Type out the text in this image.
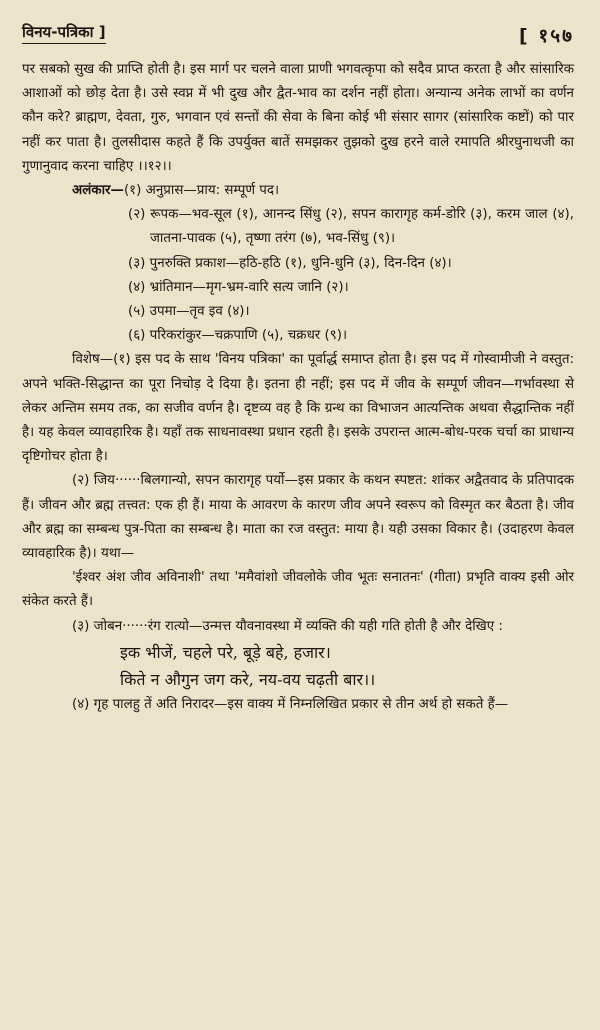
विनय-पत्रिका ]	[ १५७

पर सबको सुख की प्राप्ति होती है। इस मार्ग पर चलने वाला प्राणी भगवत्कृपा को सदैव प्राप्त करता है और सांसारिक आशाओं को छोड़ देता है। उसे स्वप्न में भी दुख और द्वैत-भाव का दर्शन नहीं होता। अन्यान्य अनेक लाभों का वर्णन कौन करे? ब्राह्मण, देवता, गुरु, भगवान एवं सन्तों की सेवा के बिना कोई भी संसार सागर (सांसारिक कष्टों) को पार नहीं कर पाता है। तुलसीदास कहते हैं कि उपर्युक्त बातें समझकर तुझको दुख हरने वाले रमापति श्रीरघुनाथजी का गुणानुवाद करना चाहिए ।।१२।।

अलंकार—(१) अनुप्रास—प्राय: सम्पूर्ण पद।

(२) रूपक—भव-सूल (१), आनन्द सिंधु (२), सपन कारागृह कर्म-डोरि (३), करम जाल (४), जातना-पावक (५), तृष्णा तरंग (७), भव-सिंधु (९)।

(३) पुनरुक्ति प्रकाश—हठि-हठि (१), धुनि-धुनि (३), दिन-दिन (४)।

(४) भ्रांतिमान—मृग-भ्रम-वारि सत्य जानि (२)।

(५) उपमा—तृव इव (४)।

(६) परिकरांकुर—चक्रपाणि (५), चक्रधर (९)।

विशेष—(१) इस पद के साथ 'विनय पत्रिका' का पूर्वार्द्ध समाप्त होता है। इस पद में गोस्वामीजी ने वस्तुत: अपने भक्ति-सिद्धान्त का पूरा निचोड़ दे दिया है। इतना ही नहीं; इस पद में जीव के सम्पूर्ण जीवन—गर्भावस्था से लेकर अन्तिम समय तक, का सजीव वर्णन है। दृष्टव्य वह है कि ग्रन्थ का विभाजन आत्यन्तिक अथवा सैद्धान्तिक नहीं है। यह केवल व्यावहारिक है। यहाँ तक साधनावस्था प्रधान रहती है। इसके उपरान्त आत्म-बोध-परक चर्चा का प्राधान्य दृष्टिगोचर होता है।

(२) जिय······बिलगान्यो, सपन कारागृह पर्यो—इस प्रकार के कथन स्पष्टत: शांकर अद्वैतवाद के प्रतिपादक हैं। जीवन और ब्रह्म तत्त्वत: एक ही हैं। माया के आवरण के कारण जीव अपने स्वरूप को विस्मृत कर बैठता है। जीव और ब्रह्म का सम्बन्ध पुत्र-पिता का सम्बन्ध है। माता का रज वस्तुत: माया है। यही उसका विकार है। (उदाहरण केवल व्यावहारिक है)। यथा—

'ईश्वर अंश जीव अविनाशी' तथा 'ममैवांशो जीवलोके जीव भूतः सनातनः' (गीता) प्रभृति वाक्य इसी ओर संकेत करते हैं।

(३) जोबन······रंग रात्यो—उन्मत्त यौवनावस्था में व्यक्ति की यही गति होती है और देखिए :

इक भीजें, चहले परे, बूड़े बहे, हजार।
किते न औगुन जग करे, नय-वय चढ़ती बार।।

(४) गृह पालहु तें अति निरादर—इस वाक्य में निम्नलिखित प्रकार से तीन अर्थ हो सकते हैं—
